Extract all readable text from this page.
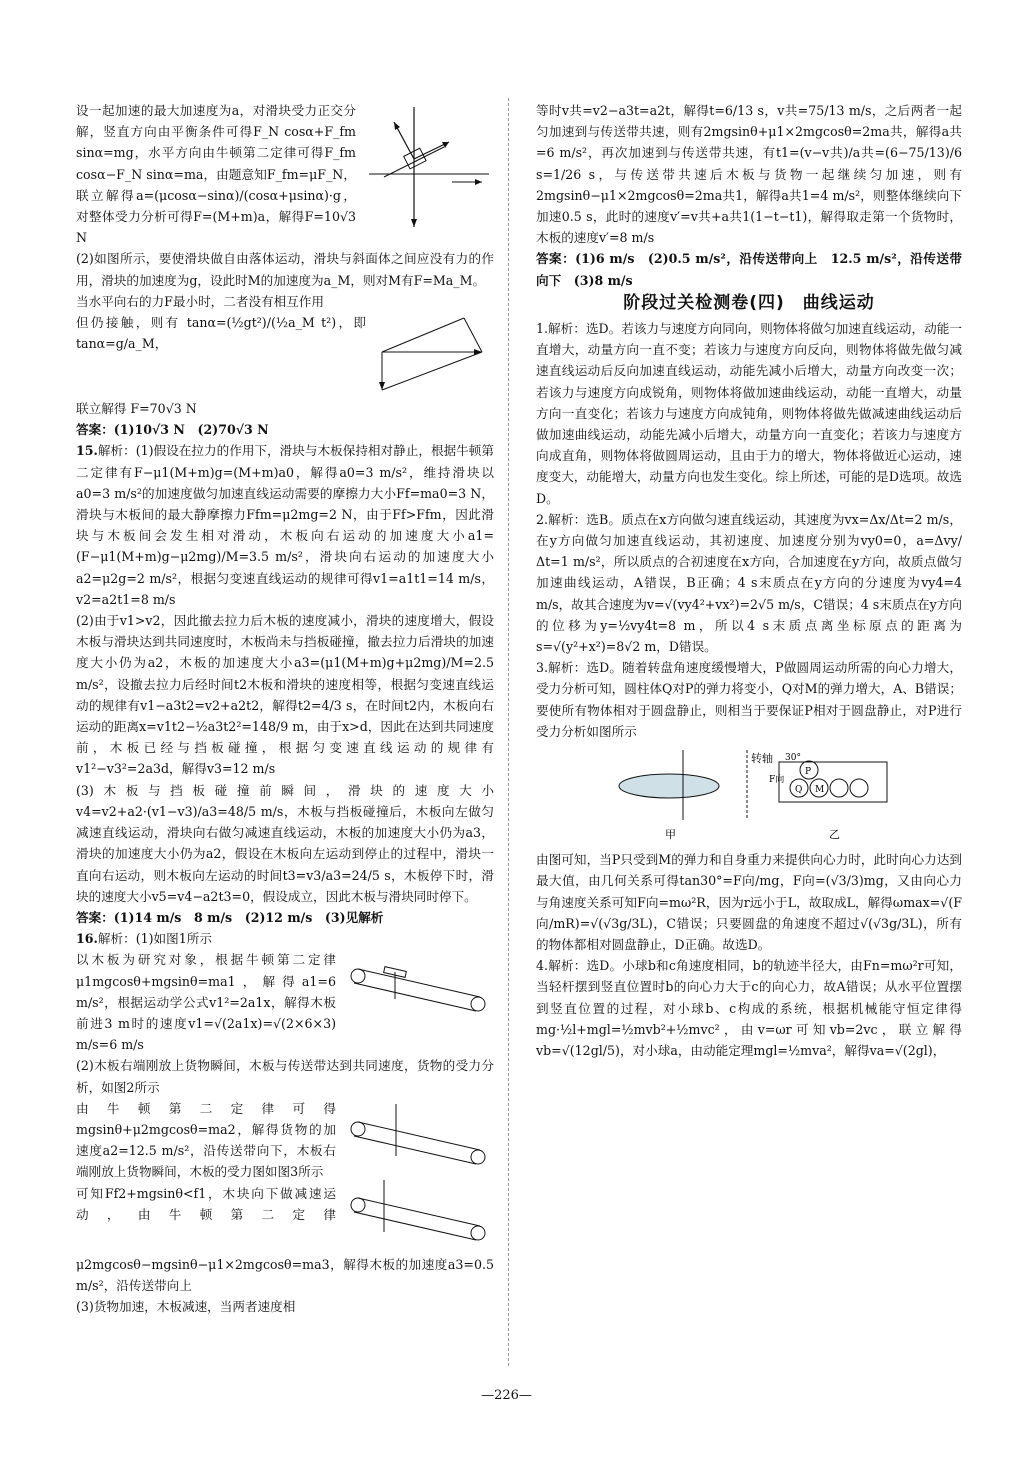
设一起加速的最大加速度为a，对滑块受力正交分解，竖直方向由平衡条件可得F_N cosα+F_fm sinα=mg，水平方向由牛顿第二定律可得F_fm cosα−F_N sinα=ma，由题意知F_fm=μF_N，联立解得a=(μcosα−sinα)/(cosα+μsinα)·g，对整体受力分析可得F=(M+m)a，解得F=10√3 N

(2)如图所示，要使滑块做自由落体运动，滑块与斜面体之间应没有力的作用，滑块的加速度为g，设此时M的加速度为a_M，则对M有F=Ma_M。

当水平向右的力F最小时，二者没有相互作用

但仍接触，则有 tanα=(½gt²)/(½a_M t²)，即 tanα=g/a_M，

联立解得 F=70√3 N

答案：(1)10√3 N　(2)70√3 N

15.解析：(1)假设在拉力的作用下，滑块与木板保持相对静止，根据牛顿第二定律有F−μ1(M+m)g=(M+m)a0，解得a0=3 m/s²，维持滑块以a0=3 m/s²的加速度做匀加速直线运动需要的摩擦力大小Ff=ma0=3 N，滑块与木板间的最大静摩擦力Ffm=μ2mg=2 N，由于Ff>Ffm，因此滑块与木板间会发生相对滑动，木板向右运动的加速度大小a1=(F−μ1(M+m)g−μ2mg)/M=3.5 m/s²，滑块向右运动的加速度大小a2=μ2g=2 m/s²，根据匀变速直线运动的规律可得v1=a1t1=14 m/s，v2=a2t1=8 m/s

(2)由于v1>v2，因此撤去拉力后木板的速度减小，滑块的速度增大，假设木板与滑块达到共同速度时，木板尚未与挡板碰撞，撤去拉力后滑块的加速度大小仍为a2，木板的加速度大小a3=(μ1(M+m)g+μ2mg)/M=2.5 m/s²，设撤去拉力后经时间t2木板和滑块的速度相等，根据匀变速直线运动的规律有v1−a3t2=v2+a2t2，解得t2=4/3 s，在时间t2内，木板向右运动的距离x=v1t2−½a3t2²=148/9 m，由于x>d，因此在达到共同速度前，木板已经与挡板碰撞，根据匀变速直线运动的规律有v1²−v3²=2a3d，解得v3=12 m/s

(3)木板与挡板碰撞前瞬间，滑块的速度大小v4=v2+a2·(v1−v3)/a3=48/5 m/s，木板与挡板碰撞后，木板向左做匀减速直线运动，滑块向右做匀减速直线运动，木板的加速度大小仍为a3，滑块的加速度大小仍为a2，假设在木板向左运动到停止的过程中，滑块一直向右运动，则木板向左运动的时间t3=v3/a3=24/5 s，木板停下时，滑块的速度大小v5=v4−a2t3=0，假设成立，因此木板与滑块同时停下。

答案：(1)14 m/s　8 m/s　(2)12 m/s　(3)见解析

16.解析：(1)如图1所示

以木板为研究对象，根据牛顿第二定律μ1mgcosθ+mgsinθ=ma1，解得a1=6 m/s²，根据运动学公式v1²=2a1x，解得木板前进3 m时的速度v1=√(2a1x)=√(2×6×3) m/s=6 m/s

(2)木板右端刚放上货物瞬间，木板与传送带达到共同速度，货物的受力分析，如图2所示

由牛顿第二定律可得mgsinθ+μ2mgcosθ=ma2，解得货物的加速度a2=12.5 m/s²，沿传送带向下，木板右端刚放上货物瞬间，木板的受力图如图3所示

可知Ff2+mgsinθ<f1，木块向下做减速运动，由牛顿第二定律μ2mgcosθ−mgsinθ−μ1×2mgcosθ=ma3，解得木板的加速度a3=0.5 m/s²，沿传送带向上

(3)货物加速，木板减速，当两者速度相

等时v共=v2−a3t=a2t，解得t=6/13 s，v共=75/13 m/s，之后两者一起匀加速到与传送带共速，则有2mgsinθ+μ1×2mgcosθ=2ma共，解得a共=6 m/s²，再次加速到与传送带共速，有t1=(v−v共)/a共=(6−75/13)/6 s=1/26 s，与传送带共速后木板与货物一起继续匀加速，则有2mgsinθ−μ1×2mgcosθ=2ma共1，解得a共1=4 m/s²，则整体继续向下加速0.5 s，此时的速度v′=v共+a共1(1−t−t1)，解得取走第一个货物时，木板的速度v′=8 m/s

答案：(1)6 m/s　(2)0.5 m/s²，沿传送带向上　12.5 m/s²，沿传送带向下　(3)8 m/s

阶段过关检测卷(四)　曲线运动

1.解析：选D。若该力与速度方向同向，则物体将做匀加速直线运动，动能一直增大，动量方向一直不变；若该力与速度方向反向，则物体将做先做匀减速直线运动后反向加速直线运动，动能先减小后增大，动量方向改变一次；若该力与速度方向成锐角，则物体将做加速曲线运动，动能一直增大，动量方向一直变化；若该力与速度方向成钝角，则物体将做先做减速曲线运动后做加速曲线运动，动能先减小后增大，动量方向一直变化；若该力与速度方向成直角，则物体将做圆周运动，且由于力的增大，物体将做近心运动，速度变大，动能增大，动量方向也发生变化。综上所述，可能的是D选项。故选D。

2.解析：选B。质点在x方向做匀速直线运动，其速度为vx=Δx/Δt=2 m/s，在y方向做匀加速直线运动，其初速度、加速度分别为vy0=0，a=Δvy/Δt=1 m/s²，所以质点的合初速度在x方向，合加速度在y方向，故质点做匀加速曲线运动，A错误，B正确；4 s末质点在y方向的分速度为vy4=4 m/s，故其合速度为v=√(vy4²+vx²)=2√5 m/s，C错误；4 s末质点在y方向的位移为y=½vy4t=8 m，所以4 s末质点离坐标原点的距离为s=√(y²+x²)=8√2 m，D错误。

3.解析：选D。随着转盘角速度缓慢增大，P做圆周运动所需的向心力增大，受力分析可知，圆柱体Q对P的弹力将变小，Q对M的弹力增大，A、B错误；要使所有物体相对于圆盘静止，则相当于要保证P相对于圆盘静止，对P进行受力分析如图所示

甲	乙
转轴 30°
F向
P
Q M

由图可知，当P只受到M的弹力和自身重力来提供向心力时，此时向心力达到最大值，由几何关系可得tan30°=F向/mg，F向=(√3/3)mg，又由向心力与角速度关系可知F向=mω²R，因为r远小于L，故取成L，解得ωmax=√(F向/mR)=√(√3g/3L)，C错误；只要圆盘的角速度不超过√(√3g/3L)，所有的物体都相对圆盘静止，D正确。故选D。

4.解析：选D。小球b和c角速度相同，b的轨迹半径大，由Fn=mω²r可知，当轻杆摆到竖直位置时b的向心力大于c的向心力，故A错误；从水平位置摆到竖直位置的过程，对小球b、c构成的系统，根据机械能守恒定律得mg·½l+mgl=½mvb²+½mvc²，由v=ωr可知vb=2vc，联立解得vb=√(12gl/5)，对小球a，由动能定理mgl=½mva²，解得va=√(2gl)，

—226—
